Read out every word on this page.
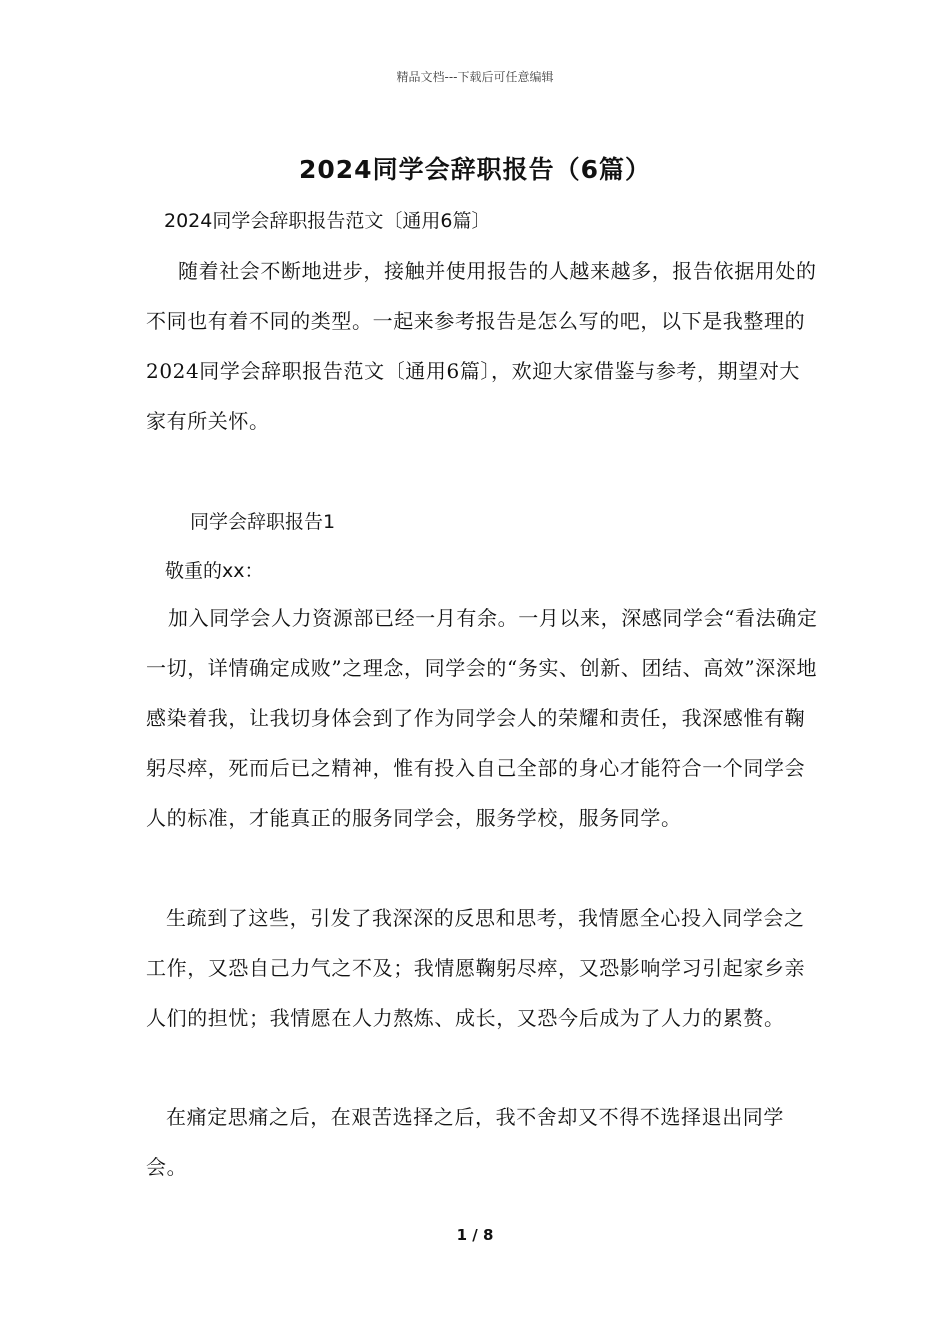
精品文档---下载后可任意编辑
2024同学会辞职报告（6篇）
2024同学会辞职报告范文〔通用6篇〕
随着社会不断地进步，接触并使用报告的人越来越多，报告依据用处的不同也有着不同的类型。一起来参考报告是怎么写的吧，以下是我整理的2024同学会辞职报告范文〔通用6篇〕，欢迎大家借鉴与参考，期望对大家有所关怀。
同学会辞职报告1
敬重的xx：
加入同学会人力资源部已经一月有余。一月以来，深感同学会“看法确定一切，详情确定成败”之理念，同学会的“务实、创新、团结、高效”深深地感染着我，让我切身体会到了作为同学会人的荣耀和责任，我深感惟有鞠躬尽瘁，死而后已之精神，惟有投入自己全部的身心才能符合一个同学会人的标准，才能真正的服务同学会，服务学校，服务同学。
生疏到了这些，引发了我深深的反思和思考，我情愿全心投入同学会之工作，又恐自己力气之不及；我情愿鞠躬尽瘁，又恐影响学习引起家乡亲人们的担忧；我情愿在人力熬炼、成长，又恐今后成为了人力的累赘。
在痛定思痛之后，在艰苦选择之后，我不舍却又不得不选择退出同学会。
1 / 8
